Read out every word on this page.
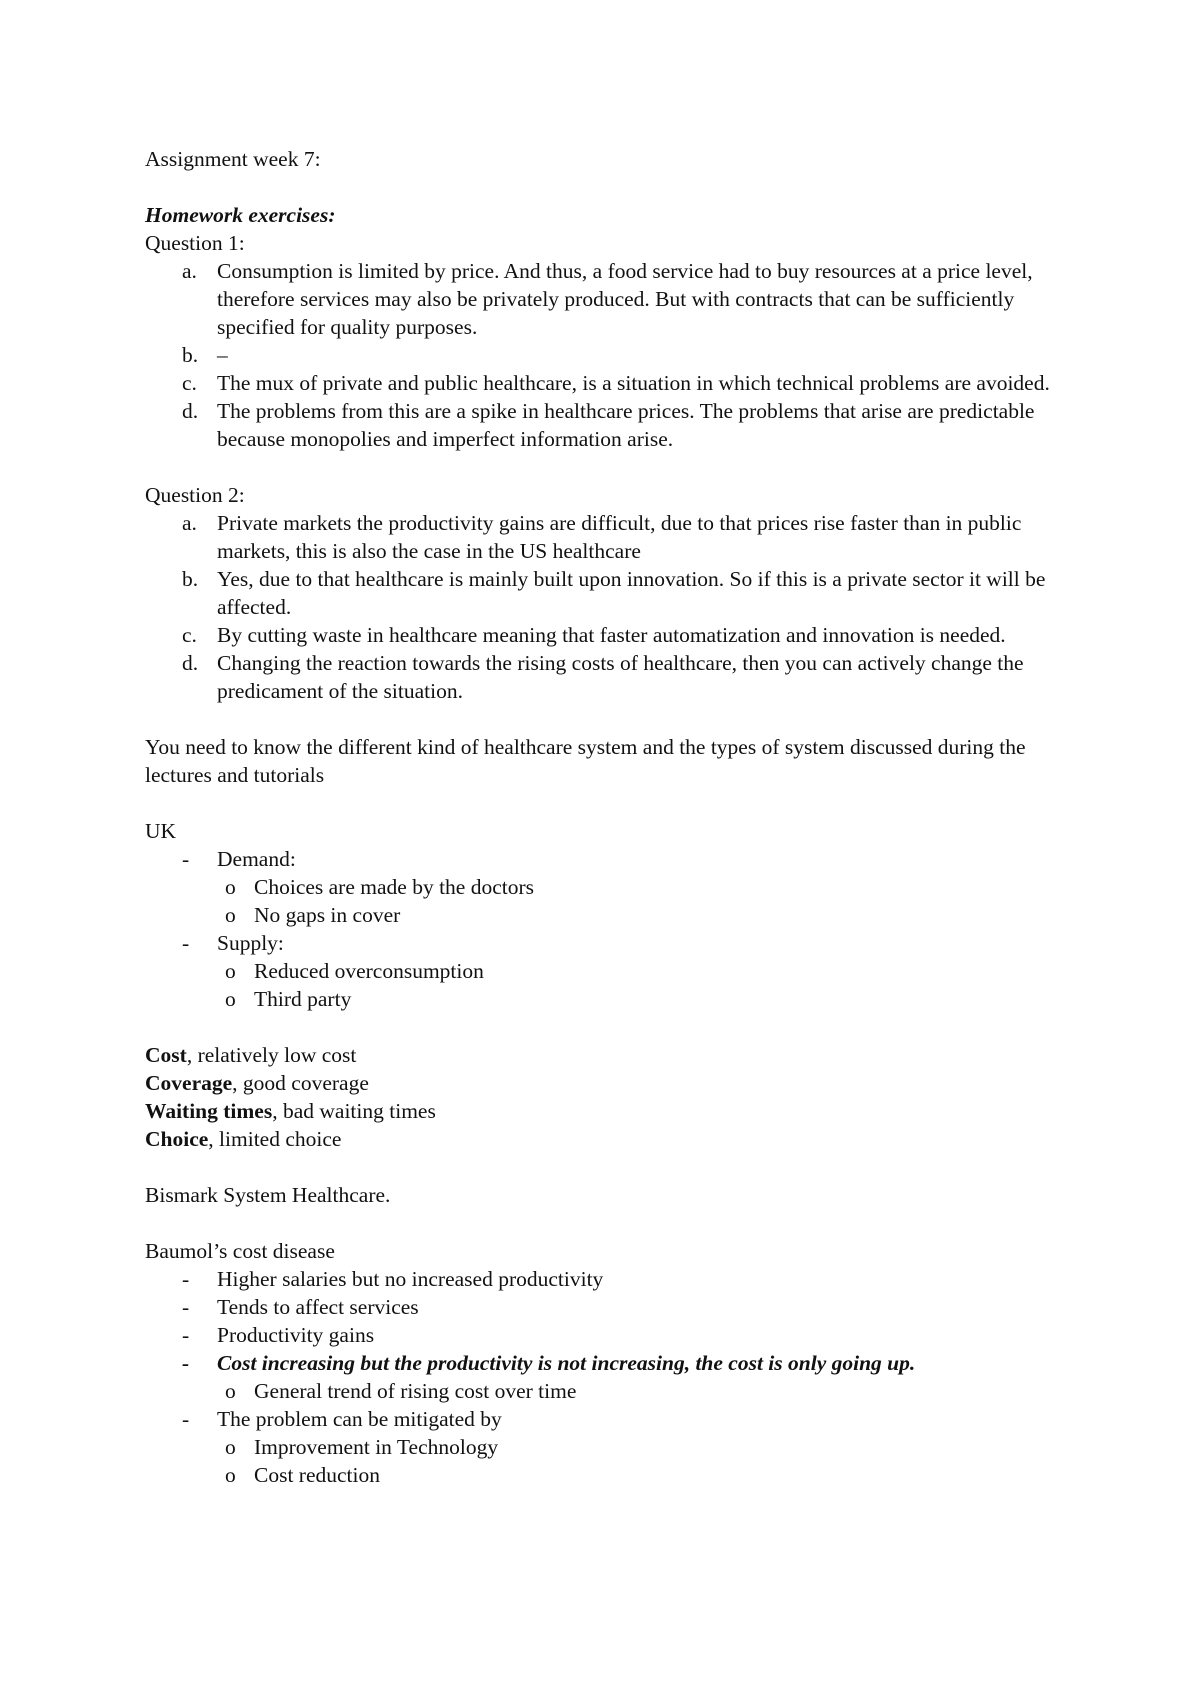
Assignment week 7:

Homework exercises:

Question 1:

a. Consumption is limited by price. And thus, a food service had to buy resources at a price level, therefore services may also be privately produced. But with contracts that can be sufficiently specified for quality purposes.
b. –
c. The mux of private and public healthcare, is a situation in which technical problems are avoided.
d. The problems from this are a spike in healthcare prices. The problems that arise are predictable because monopolies and imperfect information arise.

Question 2:

a. Private markets the productivity gains are difficult, due to that prices rise faster than in public markets, this is also the case in the US healthcare
b. Yes, due to that healthcare is mainly built upon innovation. So if this is a private sector it will be affected.
c. By cutting waste in healthcare meaning that faster automatization and innovation is needed.
d. Changing the reaction towards the rising costs of healthcare, then you can actively change the predicament of the situation.

You need to know the different kind of healthcare system and the types of system discussed during the lectures and tutorials

UK

-	Demand:
o Choices are made by the doctors
o No gaps in cover
-	Supply:
o Reduced overconsumption
o Third party

Cost, relatively low cost

Coverage, good coverage

Waiting times, bad waiting times

Choice, limited choice

Bismark System Healthcare.

Baumol’s cost disease

-	Higher salaries but no increased productivity
-	Tends to affect services
-	Productivity gains
-	Cost increasing but the productivity is not increasing, the cost is only going up.
o General trend of rising cost over time
-	The problem can be mitigated by
o Improvement in Technology
o Cost reduction
